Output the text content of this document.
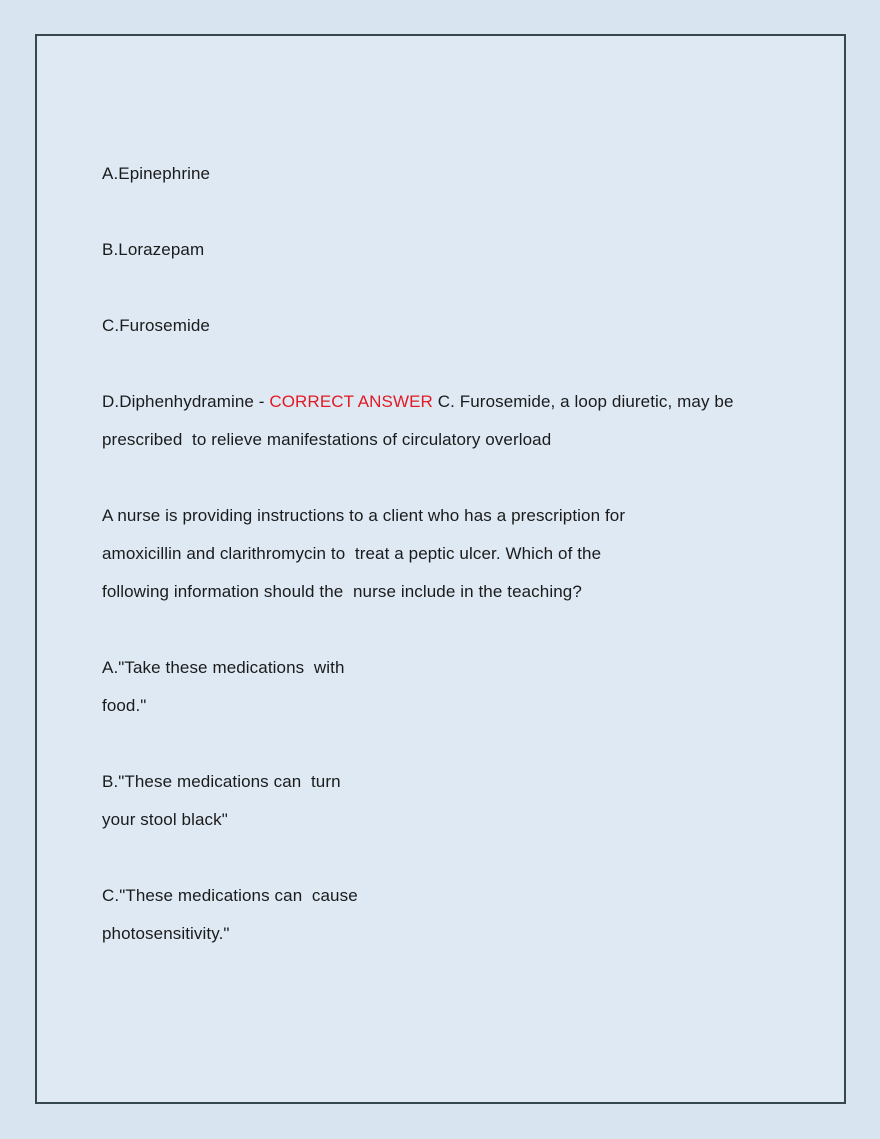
A.Epinephrine
B.Lorazepam
C.Furosemide
D.Diphenhydramine - CORRECT ANSWER C. Furosemide, a loop diuretic, may be
prescribed  to relieve manifestations of circulatory overload
A nurse is providing instructions to a client who has a prescription for
amoxicillin and clarithromycin to  treat a peptic ulcer. Which of the
following information should the  nurse include in the teaching?
A."Take these medications  with
food."
B."These medications can  turn
your stool black"
C."These medications can  cause
photosensitivity."
